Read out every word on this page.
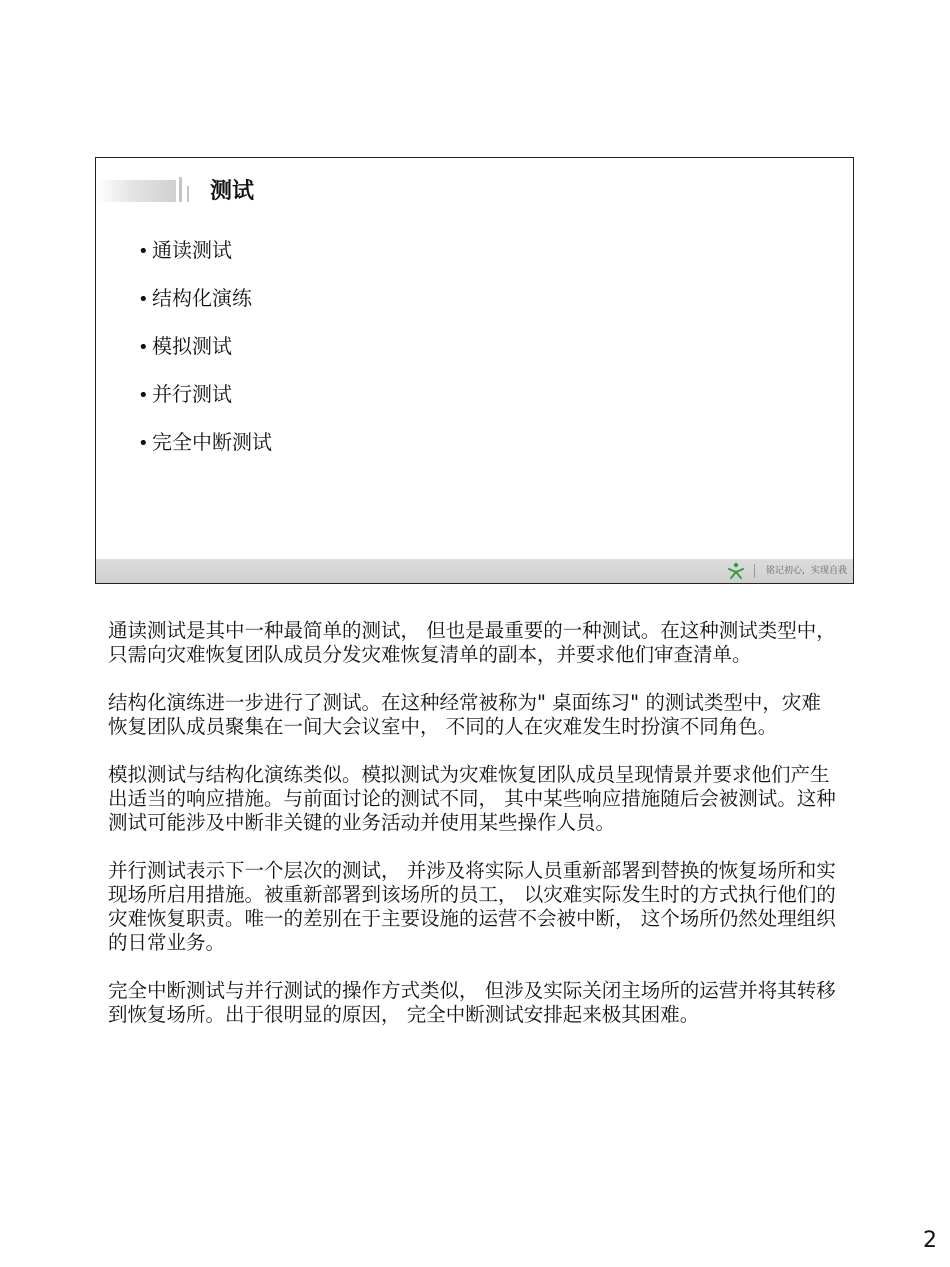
测试
• 通读测试
• 结构化演练
• 模拟测试
• 并行测试
• 完全中断测试
铭记初心，实现自我

通读测试是其中一种最简单的测试， 但也是最重要的一种测试。在这种测试类型中， 只需向灾难恢复团队成员分发灾难恢复清单的副本，并要求他们审查清单。

结构化演练进一步进行了测试。在这种经常被称为" 桌面练习" 的测试类型中，灾难恢复团队成员聚集在一间大会议室中， 不同的人在灾难发生时扮演不同角色。

模拟测试与结构化演练类似。模拟测试为灾难恢复团队成员呈现情景并要求他们产生出适当的响应措施。与前面讨论的测试不同， 其中某些响应措施随后会被测试。这种测试可能涉及中断非关键的业务活动并使用某些操作人员。

并行测试表示下一个层次的测试， 并涉及将实际人员重新部署到替换的恢复场所和实现场所启用措施。被重新部署到该场所的员工， 以灾难实际发生时的方式执行他们的灾难恢复职责。唯一的差别在于主要设施的运营不会被中断， 这个场所仍然处理组织的日常业务。

完全中断测试与并行测试的操作方式类似， 但涉及实际关闭主场所的运营并将其转移到恢复场所。出于很明显的原因， 完全中断测试安排起来极其困难。

2
